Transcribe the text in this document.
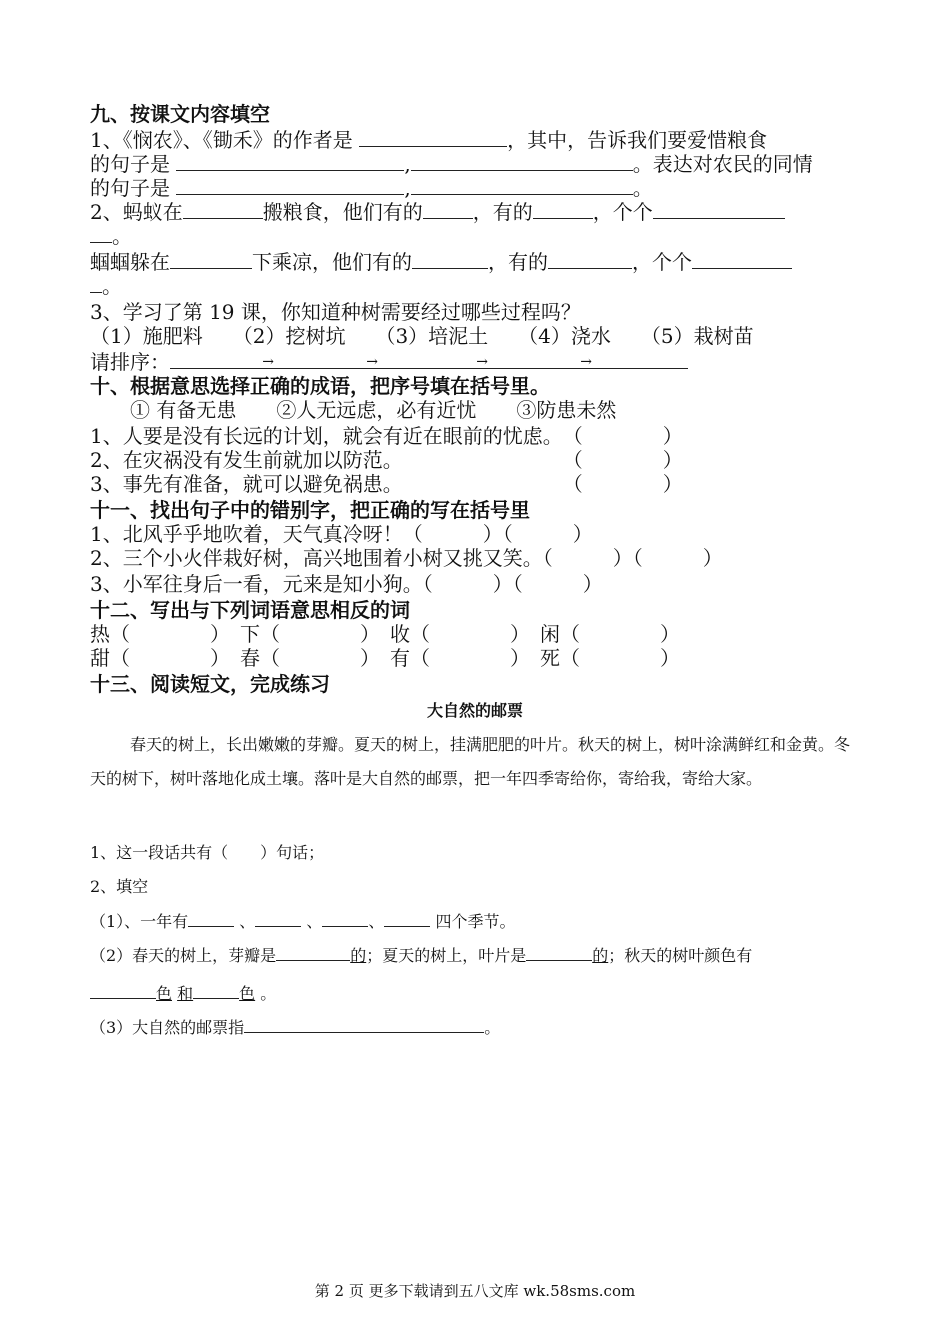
九、按课文内容填空
1、《悯农》、《锄禾》的作者是	，其中，告诉我们要爱惜粮食
的句子是	,	。表达对农民的同情
的句子是	,	。
2、蚂蚁在	搬粮食，他们有的	，有的	，个个
。
蝈蝈躲在	下乘凉，他们有的	，有的	，个个
。
3、学习了第 19 课，你知道种树需要经过哪些过程吗？
（1）施肥料　　（2）挖树坑　　（3）培泥土　　（4）浇水　　（5）栽树苗
请排序： → → → →
十、根据意思选择正确的成语，把序号填在括号里。
① 有备无患　　②人无远虑，必有近忧　　③防患未然
1、人要是没有长远的计划，就会有近在眼前的忧虑。　（　　　　）
2、在灾祸没有发生前就加以防范。　　　　　　　　　（　　　　）
3、事先有准备，就可以避免祸患。　　　　　　　　　（　　　　）
十一、找出句子中的错别字，把正确的写在括号里
1、北风乎乎地吹着，天气真冷呀！（　　　）（　　　）
2、三个小火伴栽好树，高兴地围着小树又挑又笑。（　　　）（　　　）
3、小军往身后一看，元来是知小狗。（　　　）（　　　）
十二、写出与下列词语意思相反的词
热（　　　　）　下（　　　　）　收（　　　　）　闲（　　　　）
甜（　　　　）　春（　　　　）　有（　　　　）　死（　　　　）
十三、阅读短文，完成练习
大自然的邮票
春天的树上，长出嫩嫩的芽瓣。夏天的树上，挂满肥肥的叶片。秋天的树上，树叶涂满鲜红和金黄。冬天的树下，树叶落地化成土壤。落叶是大自然的邮票，把一年四季寄给你，寄给我，寄给大家。
1、这一段话共有（　　）句话；
2、填空
（1）、一年有	、	、	、	四个季节。
（2）春天的树上，芽瓣是	的；夏天的树上，叶片是	的；秋天的树叶颜色有
色 和	色 。
（3）大自然的邮票指	。
第 2 页 更多下载请到五八文库 wk.58sms.com
